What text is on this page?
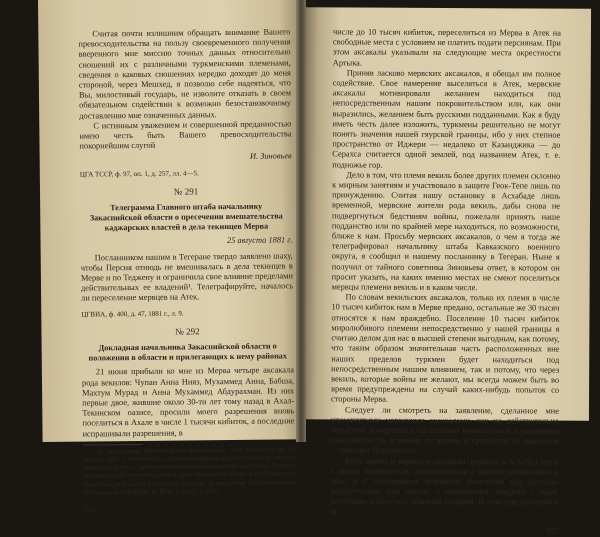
Считая почти излишним обращать внимание Вашего превосходительства на пользу своевременного получения вверенного мне миссию точных данных относительно сношений их с различными туркменскими племенами, сведения о каковых сношениях нередко доходят до меня стороной, через Мешхед, я позволю себе надеяться, что Вы, милостивый государь, не изволите отказать в своем обязательном содействии к возможно безостановочному доставлению мне означенных данных.

С истинным уважением и совершенной преданностью имею честь быть Вашего превосходительства покорнейшим слугой

И. Зиновьев
ЦГА ТССР, ф. 97, оп. 1, д. 257, лл. 4—5.
№ 291
Телеграмма Главного штаба начальнику Закаспийской области о пресечении вмешательства каджарских властей в дела текинцев Мерва
25 августа 1881 г.

Посланником нашим в Тегеране твердо заявлено шаху, чтобы Персия отнюдь не вмешивалась в дела текинцев в Мерве и по Теджену и ограничила свое влияние пределами действительных ее владений¹. Телеграфируйте, началось ли переселение мервцев на Атек.

ЦГВИА, ф. 400, д. 47, 1881 г., л. 9.
№ 292
Докладная начальника Закаспийской области о положении в области и прилегающих к нему районах

21 июня прибыли ко мне из Мерва четыре аксакала рода векилов: Чупан Анна Нияз, Мухаммед Анна, Бабша, Махтум Мурад и Анна Мухаммед Абдурахман. Из них первые двое, жившие около 30-ти лет тому назад в Ахал-Текинском оазисе, просили моего разрешения вновь поселиться в Ахале в числе 1 тысячи кибиток, а последние испрашивали разрешения, в

¹ В телеграмме Министерства иностранных дел Зиновьеву от 23 августа 1881 г. отмечалось: «Вполне одобряем дружественное и твердое заявление шаху о нашем непреклонном желании не допускать Персию до какого-либо вмешательства в дела текинцев в Мерве и по Теджену и тем более до попыток установить влияние за пределами действительных ее владений» (ЦГВИА, ф. ВУА, д. 6235, л. 101).

556

числе до 10 тысяч кибиток, переселиться из Мерва в Атек на свободные места с условием не платить подати персиянам. При этом аксакалы указывали на следующие места окрестности Артыка.

Приняв ласково мервских аксакалов, я обещал им полное содействие. Свое намерение выселяться в Атек, мервские аксакалы мотивировали желанием находиться под непосредственным нашим покровительством или, как они выразились, желанием быть русскими подданными. Как я буду иметь честь далее изложить, туркмены решительно не могут понять значения нашей гяурской границы, ибо у них степное пространство от Иджери — недалеко от Казанджика — до Серахса считается одной землей, под названием Атек, т. е. подножье гор.

Дело в том, что племя векиль более других племен склонно к мирным занятиям и участвовало в защите Геок-Тепе лишь по принуждению. Считая нашу остановку в Асхабаде лишь временной, мервские жители рода векиль, дабы снова не подвергнуться бедствиям войны, пожелали принять наше подданство или по крайней мере находиться, по возможности, ближе к нам. Просьбу мервских аксакалов, о чем я тогда же телеграфировал начальнику штаба Кавказского военного округа, я сообщил и нашему посланнику в Тегеран. Ныне я получил от тайного советника Зиновьева ответ, в котором он просит указать, на каких именно местах не смеют поселиться мервцы племени векиль и в каком числе.

По словам векильских аксакалов, только их племя в числе 10 тысяч кибиток нам в Мерве предано, остальные же 30 тысяч относятся к нам враждебно. Поселение 10 тысяч кибиток миролюбивого племени непосредственно у нашей границы я считаю делом для нас в высшей степени выгодным, как потому, что таким образом значительная часть расположенных вне наших пределов туркмен будет находиться под непосредственным нашим влиянием, так и потому, что через векиль, которые войны не желают, мы всегда можем быть во время предупреждены на случай каких-нибудь попыток со стороны Мерва.

Следует ли смотреть на заявление, сделанное мне упомянутыми мервскими аксакалами, как на действительно серьезное намерение с их стороны переселиться в указанную ими местность, и можно ли верить искренности их заявления — покажет будущность.

Быть может, и мервские аксакалы прибыли в Асхабад лишь с целью осмотреться, познакомиться с нашим положением в крае и с положением туземного населения под русским владычеством или просто с намерением заводить с нами разговоры и получать обычные подарки. В этом предложении я не

557
